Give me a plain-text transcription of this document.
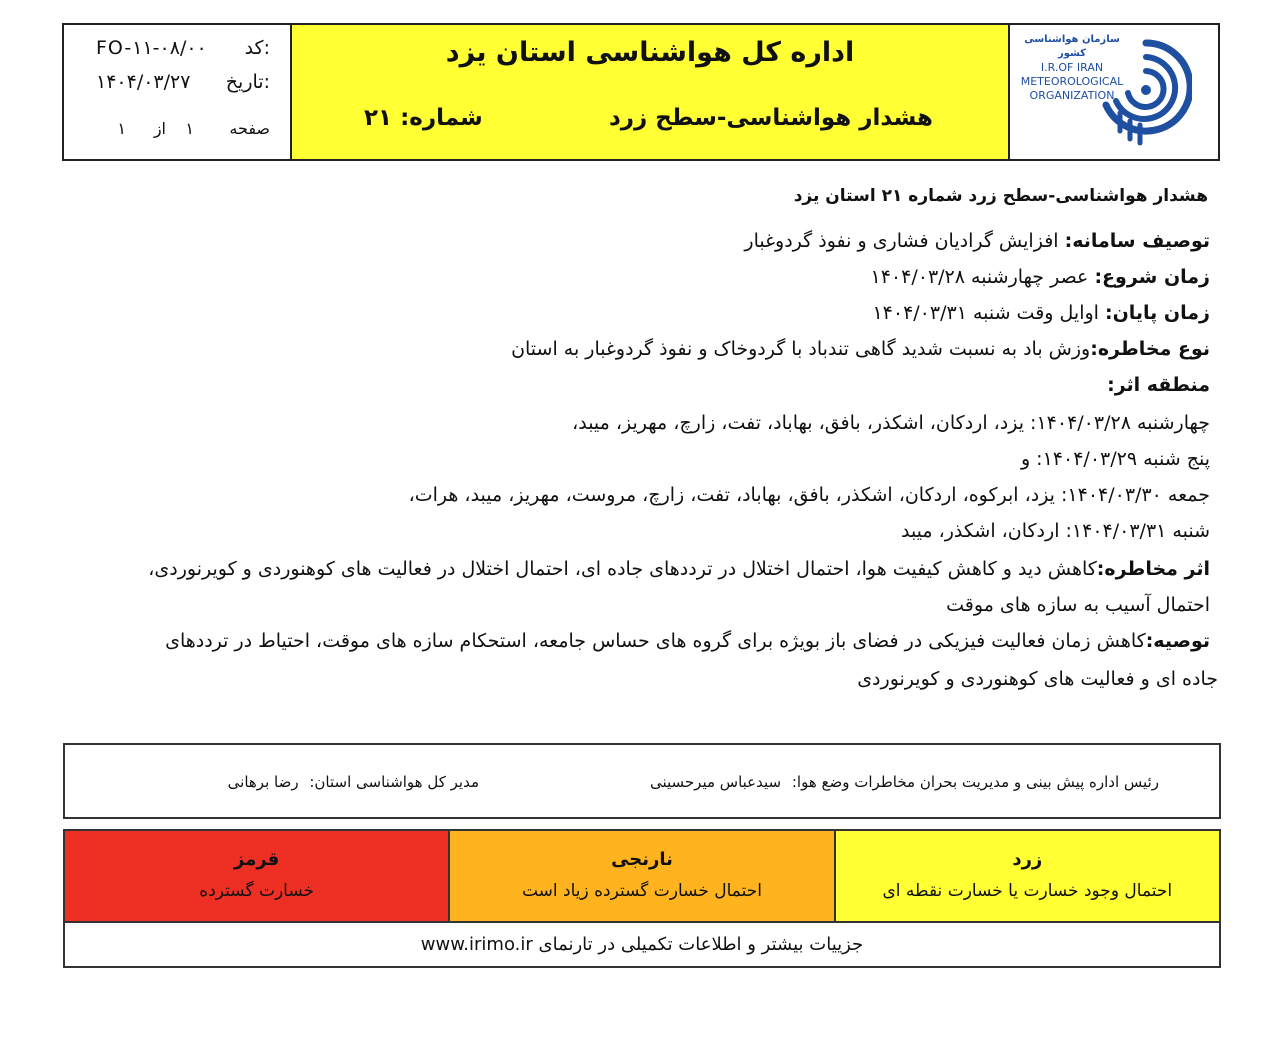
کد:
FO-۱۱-۰۸/۰۰
تاریخ:
۱۴۰۴/۰۳/۲۷
صفحه
۱
از
۱
اداره کل هواشناسی استان یزد
هشدار هواشناسی-سطح زرد
شماره: ۲۱
سازمان هواشناسی کشور
I.R.OF IRAN
METEOROLOGICAL
ORGANIZATION
هشدار هواشناسی-سطح زرد شماره ۲۱ استان یزد
توصیف سامانه: افزایش گرادیان فشاری و نفوذ گردوغبار
زمان شروع: عصر چهارشنبه ۱۴۰۴/۰۳/۲۸
زمان پایان: اوایل وقت شنبه ۱۴۰۴/۰۳/۳۱
نوع مخاطره:وزش باد به نسبت شدید گاهی تندباد با گردوخاک و نفوذ گردوغبار به استان
منطقه اثر:
چهارشنبه ۱۴۰۴/۰۳/۲۸: یزد، اردکان، اشکذر، بافق، بهاباد، تفت، زارچ، مهریز، میبد،
پنج شنبه ۱۴۰۴/۰۳/۲۹: و
جمعه ۱۴۰۴/۰۳/۳۰: یزد، ابرکوه، اردکان، اشکذر، بافق، بهاباد، تفت، زارچ، مروست، مهریز، میبد، هرات،
شنبه ۱۴۰۴/۰۳/۳۱: اردکان، اشکذر، میبد
اثر مخاطره:کاهش دید و کاهش کیفیت هوا، احتمال اختلال در ترددهای جاده ای، احتمال اختلال در فعالیت های کوهنوردی و کویرنوردی،
احتمال آسیب به سازه های موقت
توصیه:کاهش زمان فعالیت فیزیکی در فضای باز بویژه برای گروه های حساس جامعه، استحکام سازه های موقت، احتیاط در ترددهای
جاده ای و فعالیت های کوهنوردی و کویرنوردی
رئیس اداره پیش بینی و مدیریت بحران مخاطرات وضع هوا: سیدعباس میرحسینی
مدیر کل هواشناسی استان: رضا برهانی
قرمز
خسارت گسترده
نارنجی
احتمال خسارت گسترده زیاد است
زرد
احتمال وجود خسارت یا خسارت نقطه ای
جزییات بیشتر و اطلاعات تکمیلی در تارنمای www.irimo.ir
